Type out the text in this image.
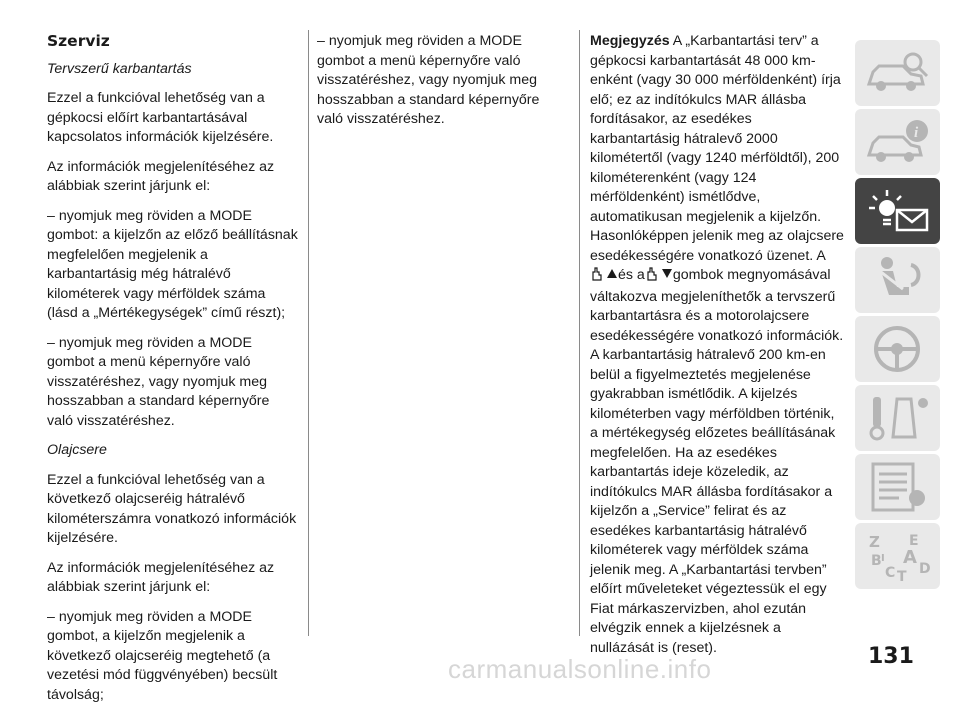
Szerviz

Tervszerű karbantartás

Ezzel a funkcióval lehetőség van a gépkocsi előírt karbantartásával kapcsolatos információk kijelzésére.

Az információk megjelenítéséhez az alábbiak szerint járjunk el:

– nyomjuk meg röviden a MODE gombot: a kijelzőn az előző beállításnak megfelelően megjelenik a karbantartásig még hátralévő kilométerek vagy mérföldek száma (lásd a „Mértékegységek” című részt);

– nyomjuk meg röviden a MODE gombot a menü képernyőre való visszatéréshez, vagy nyomjuk meg hosszabban a standard képernyőre való visszatéréshez.

Olajcsere

Ezzel a funkcióval lehetőség van a következő olajcseréig hátralévő kilométerszámra vonatkozó információk kijelzésére.

Az információk megjelenítéséhez az alábbiak szerint járjunk el:

– nyomjuk meg röviden a MODE gombot, a kijelzőn megjelenik a következő olajcseréig megtehető (a vezetési mód függvényében) becsült távolság;

– nyomjuk meg röviden a MODE gombot a menü képernyőre való visszatéréshez, vagy nyomjuk meg hosszabban a standard képernyőre való visszatéréshez.

Megjegyzés A „Karbantartási terv” a gépkocsi karbantartását 48 000 km-enként (vagy 30 000 mérföldenként) írja elő; ez az indítókulcs MAR állásba fordításakor, az esedékes karbantartásig hátralevő 2000 kilométertől (vagy 1240 mérföldtől), 200 kilométerenként (vagy 124 mérföldenként) ismétlődve, automatikusan megjelenik a kijelzőn. Hasonlóképpen jelenik meg az olajcsere esedékességére vonatkozó üzenet. Aés a gombok megnyomásával váltakozva megjeleníthetők a tervszerű karbantartásra és a motorolajcsere esedékességére vonatkozó információk. A karbantartásig hátralevő 200 km-en belül a figyelmeztetés megjelenése gyakrabban ismétlődik. A kijelzés kilométerben vagy mérföldben történik, a mértékegység előzetes beállításának megfelelően. Ha az esedékes karbantartás ideje közeledik, az indítókulcs MAR állásba fordításakor a kijelzőn a „Service” felirat és az esedékes karbantartásig hátralévő kilométerek vagy mérföldek száma jelenik meg. A „Karbantartási tervben” előírt műveleteket végeztessük el egy Fiat márkaszervizben, ahol ezután elvégzik ennek a kijelzésnek a nullázását is (reset).

i
Z E
B A
C T D
I
carmanualsonline.info	131
